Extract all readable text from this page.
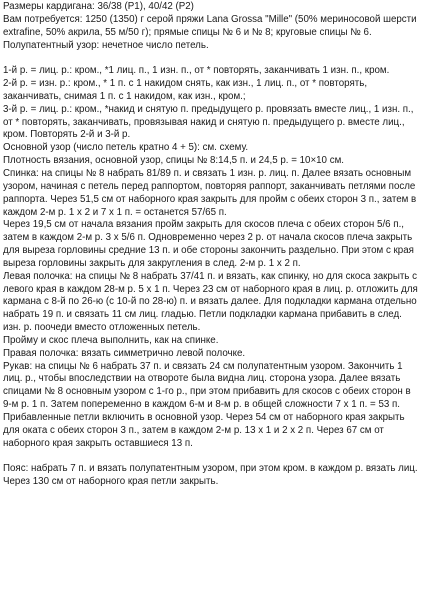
Размеры кардигана: 36/38 (Р1), 40/42 (Р2)

Вам потребуется: 1250 (1350) г серой пряжи Lana Grossa "Mille" (50% мериносовой шерсти extrafine, 50% акрила, 55 м/50 г); прямые спицы № 6 и № 8; круговые спицы № 6.

Полупатентный узор: нечетное число петель.

1-й р. = лиц. р.: кром., *1 лиц. п., 1 изн. п., от * повторять, заканчивать 1 изн. п., кром.

2-й р. = изн. р.: кром., * 1 п. с 1 накидом снять, как изн., 1 лиц. п., от * повторять, заканчивать, снимая 1 п. с 1 накидом, как изн., кром.;

3-й р. = лиц. р.: кром., *накид и снятую п. предыдущего р. провязать вместе лиц., 1 изн. п., от * повторять, заканчивать, провязывая накид и снятую п. предыдущего р. вместе лиц., кром. Повторять 2-й и 3-й р.

Основной узор (число петель кратно 4 + 5): см. схему.

Плотность вязания, основной узор, спицы № 8:14,5 п. и 24,5 р. = 10×10 см.

Спинка: на спицы № 8 набрать 81/89 п. и связать 1 изн. р. лиц. п. Далее вязать основным узором, начиная с петель перед раппортом, повторяя раппорт, заканчивать петлями после раппорта. Через 51,5 см от наборного края закрыть для пройм с обеих сторон 3 п., затем в каждом 2-м р. 1 х 2 и 7 х 1 п. = останется 57/65 п.

Через 19,5 см от начала вязания пройм закрыть для скосов плеча с обеих сторон 5/6 п., затем в каждом 2-м р. 3 х 5/6 п. Одновременно через 2 р. от начала скосов плеча закрыть для выреза горловины средние 13 п. и обе стороны закончить раздельно. При этом с края выреза горловины закрыть для закругления в след. 2-м р. 1 х 2 п.

Левая полочка: на спицы № 8 набрать 37/41 п. и вязать, как спинку, но для скоса закрыть с левого края в каждом 28-м р. 5 х 1 п. Через 23 см от наборного края в лиц. р. отложить для кармана с 8-й по 26-ю (с 10-й по 28-ю) п. и вязать далее. Для подкладки кармана отдельно набрать 19 п. и связать 11 см лиц. гладью. Петли подкладки кармана прибавить в след. изн. р. поочеди вместо отложенных петель.

Пройму и скос плеча выполнить, как на спинке.

Правая полочка: вязать симметрично левой полочке.

Рукав: на спицы № 6 набрать 37 п. и связать 24 см полупатентным узором. Закончить 1 лиц. р., чтобы впоследствии на отвороте была видна лиц. сторона узора. Далее вязать спицами № 8 основным узором с 1-го р., при этом прибавить для скосов с обеих сторон в 9-м р. 1 п. Затем попеременно в каждом 6-м и 8-м р. в общей сложности 7 х 1 п. = 53 п. Прибавленные петли включить в основной узор. Через 54 см от наборного края закрыть для оката с обеих сторон 3 п., затем в каждом 2-м р. 13 х 1 и 2 х 2 п. Через 67 см от наборного края закрыть оставшиеся 13 п.

Пояс: набрать 7 п. и вязать полупатентным узором, при этом кром. в каждом р. вязать лиц. Через 130 см от наборного края петли закрыть.
